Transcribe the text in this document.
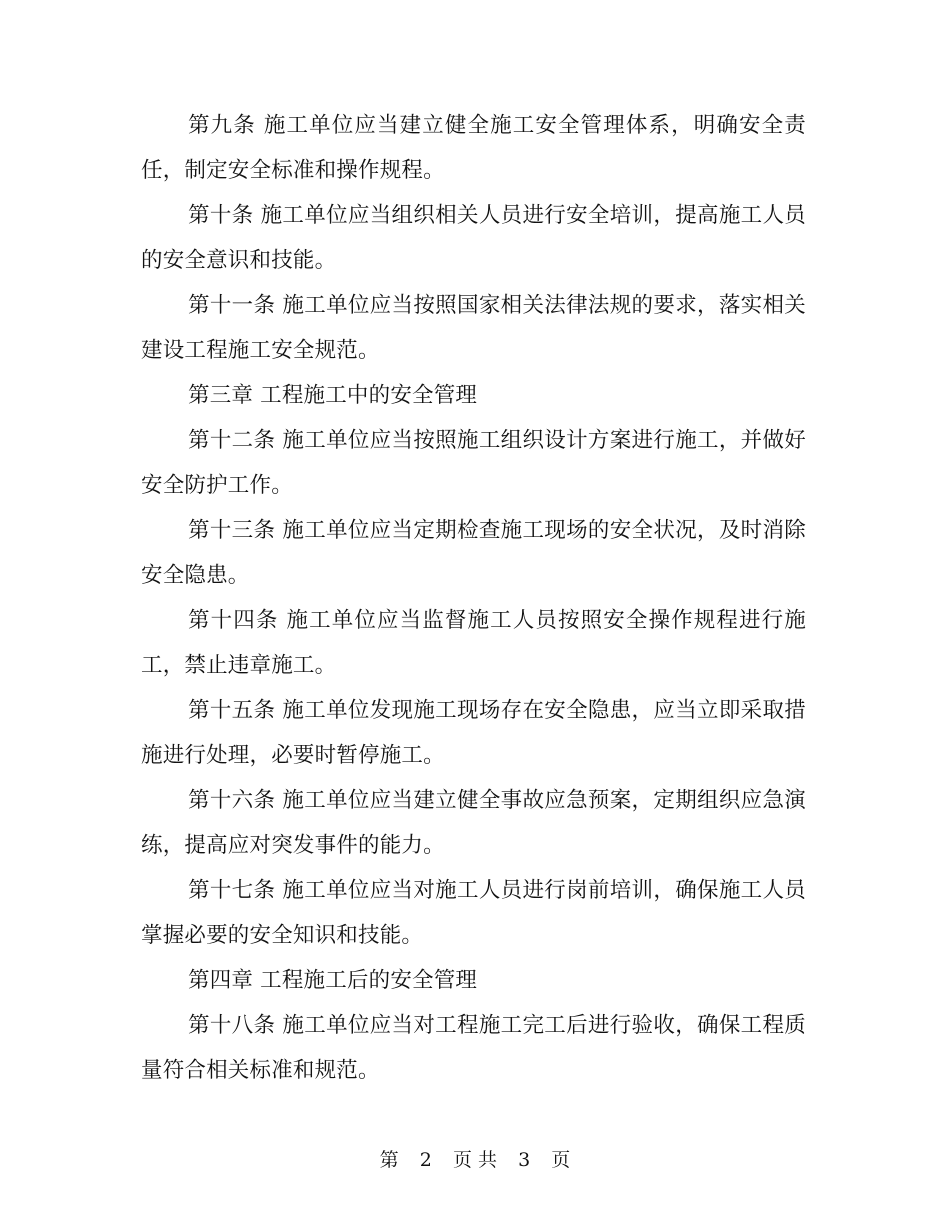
第九条 施工单位应当建立健全施工安全管理体系，明确安全责任，制定安全标准和操作规程。

第十条 施工单位应当组织相关人员进行安全培训，提高施工人员的安全意识和技能。

第十一条 施工单位应当按照国家相关法律法规的要求，落实相关建设工程施工安全规范。

第三章 工程施工中的安全管理

第十二条 施工单位应当按照施工组织设计方案进行施工，并做好安全防护工作。

第十三条 施工单位应当定期检查施工现场的安全状况，及时消除安全隐患。

第十四条 施工单位应当监督施工人员按照安全操作规程进行施工，禁止违章施工。

第十五条 施工单位发现施工现场存在安全隐患，应当立即采取措施进行处理，必要时暂停施工。

第十六条 施工单位应当建立健全事故应急预案，定期组织应急演练，提高应对突发事件的能力。

第十七条 施工单位应当对施工人员进行岗前培训，确保施工人员掌握必要的安全知识和技能。

第四章 工程施工后的安全管理

第十八条 施工单位应当对工程施工完工后进行验收，确保工程质量符合相关标准和规范。

第 2 页 共 3 页
